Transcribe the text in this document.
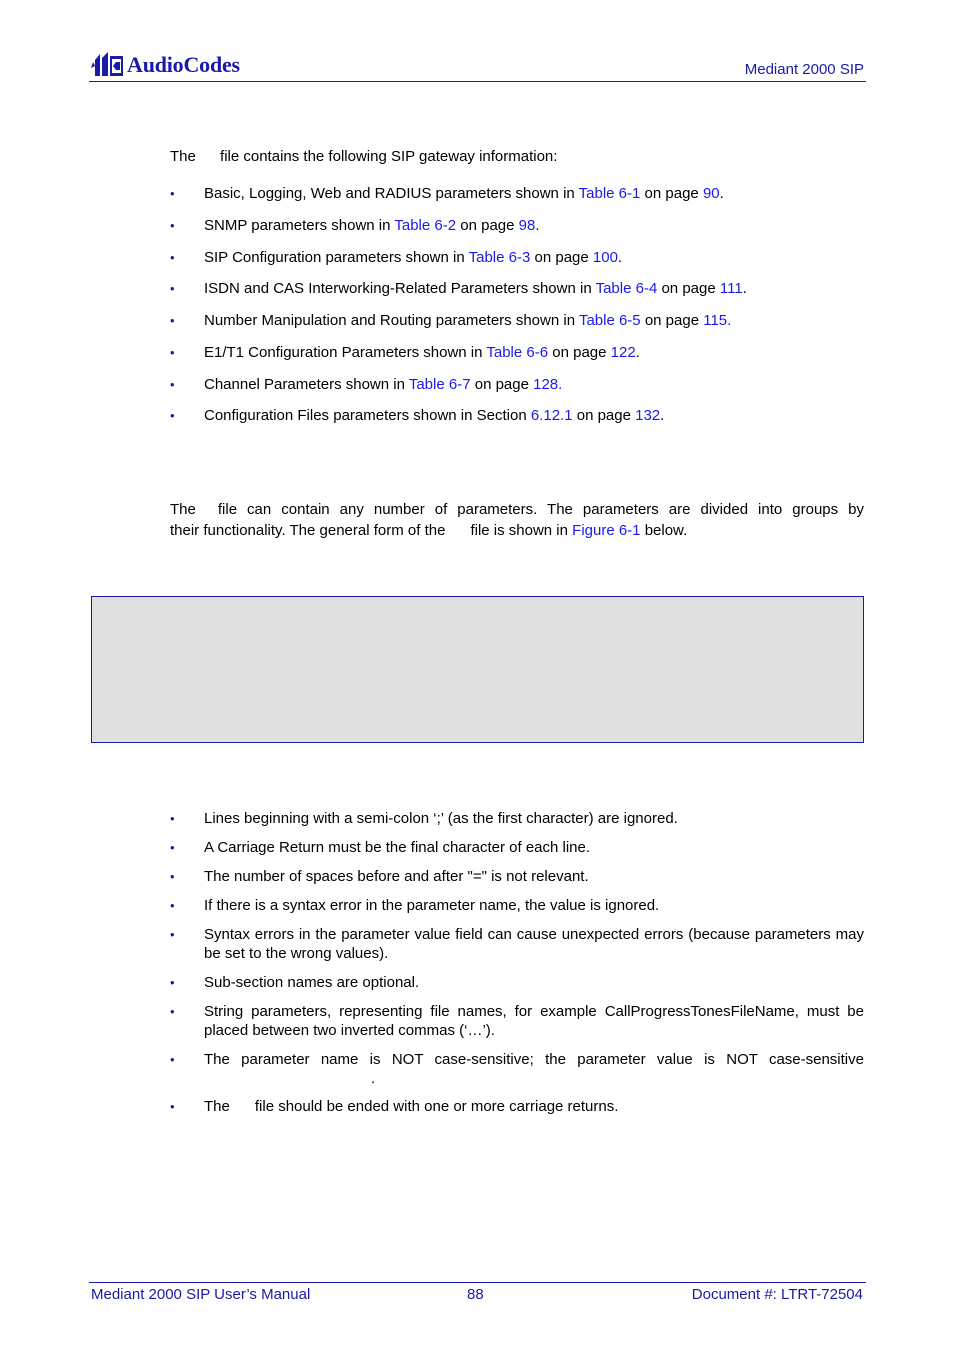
AudioCodes	Mediant 2000 SIP
The file contains the following SIP gateway information:
•	Basic, Logging, Web and RADIUS parameters shown in Table 6-1 on page 90.
•	SNMP parameters shown in Table 6-2 on page 98.
•	SIP Configuration parameters shown in Table 6-3 on page 100.
•	ISDN and CAS Interworking-Related Parameters shown in Table 6-4 on page 111.
•	Number Manipulation and Routing parameters shown in Table 6-5 on page 115.
•	E1/T1 Configuration Parameters shown in Table 6-6 on page 122.
•	Channel Parameters shown in Table 6-7 on page 128.
•	Configuration Files parameters shown in Section 6.12.1 on page 132.
The file can contain any number of parameters. The parameters are divided into groups by
their functionality. The general form of the file is shown in Figure 6-1 below.
•	Lines beginning with a semi-colon ‘;’ (as the first character) are ignored.
•	A Carriage Return must be the final character of each line.
•	The number of spaces before and after "=" is not relevant.
•	If there is a syntax error in the parameter name, the value is ignored.
•	Syntax errors in the parameter value field can cause unexpected errors (because parameters may be set to the wrong values).
•	Sub-section names are optional.
•	String parameters, representing file names, for example CallProgressTonesFileName, must be placed between two inverted commas (‘…’).
•	The parameter name is NOT case-sensitive; the parameter value is NOT case-sensitive
.
•	The file should be ended with one or more carriage returns.
Mediant 2000 SIP User’s Manual	88	Document #: LTRT-72504
